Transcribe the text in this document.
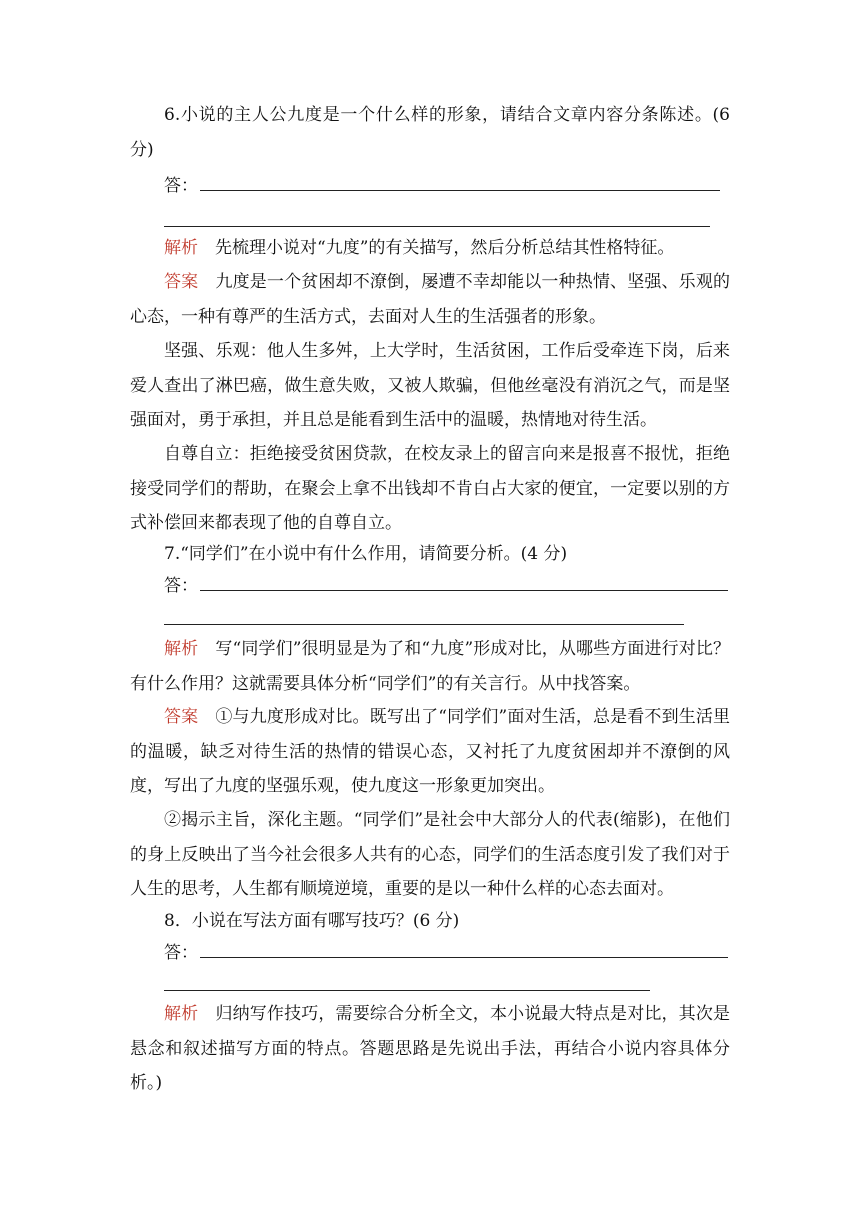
6.小说的主人公九度是一个什么样的形象，请结合文章内容分条陈述。(6分)
答：
解析　 先梳理小说对“九度”的有关描写，然后分析总结其性格特征。
答案　 九度是一个贫困却不潦倒，屡遭不幸却能以一种热情、坚强、乐观的心态，一种有尊严的生活方式，去面对人生的生活强者的形象。
坚强、乐观：他人生多舛，上大学时，生活贫困，工作后受牵连下岗，后来爱人查出了淋巴癌，做生意失败，又被人欺骗，但他丝毫没有消沉之气，而是坚强面对，勇于承担，并且总是能看到生活中的温暖，热情地对待生活。
自尊自立：拒绝接受贫困贷款，在校友录上的留言向来是报喜不报忧，拒绝接受同学们的帮助，在聚会上拿不出钱却不肯白占大家的便宜，一定要以别的方式补偿回来都表现了他的自尊自立。
7.“同学们”在小说中有什么作用，请简要分析。(4 分)
答：
解析　 写“同学们”很明显是为了和“九度”形成对比，从哪些方面进行对比？有什么作用？这就需要具体分析“同学们”的有关言行。从中找答案。
答案　 ①与九度形成对比。既写出了“同学们”面对生活，总是看不到生活里的温暖，缺乏对待生活的热情的错误心态，又衬托了九度贫困却并不潦倒的风度，写出了九度的坚强乐观，使九度这一形象更加突出。
②揭示主旨，深化主题。“同学们”是社会中大部分人的代表(缩影)，在他们的身上反映出了当今社会很多人共有的心态，同学们的生活态度引发了我们对于人生的思考，人生都有顺境逆境，重要的是以一种什么样的心态去面对。
8．小说在写法方面有哪写技巧？(6 分)
答：
解析　 归纳写作技巧，需要综合分析全文，本小说最大特点是对比，其次是悬念和叙述描写方面的特点。答题思路是先说出手法，再结合小说内容具体分析。)
